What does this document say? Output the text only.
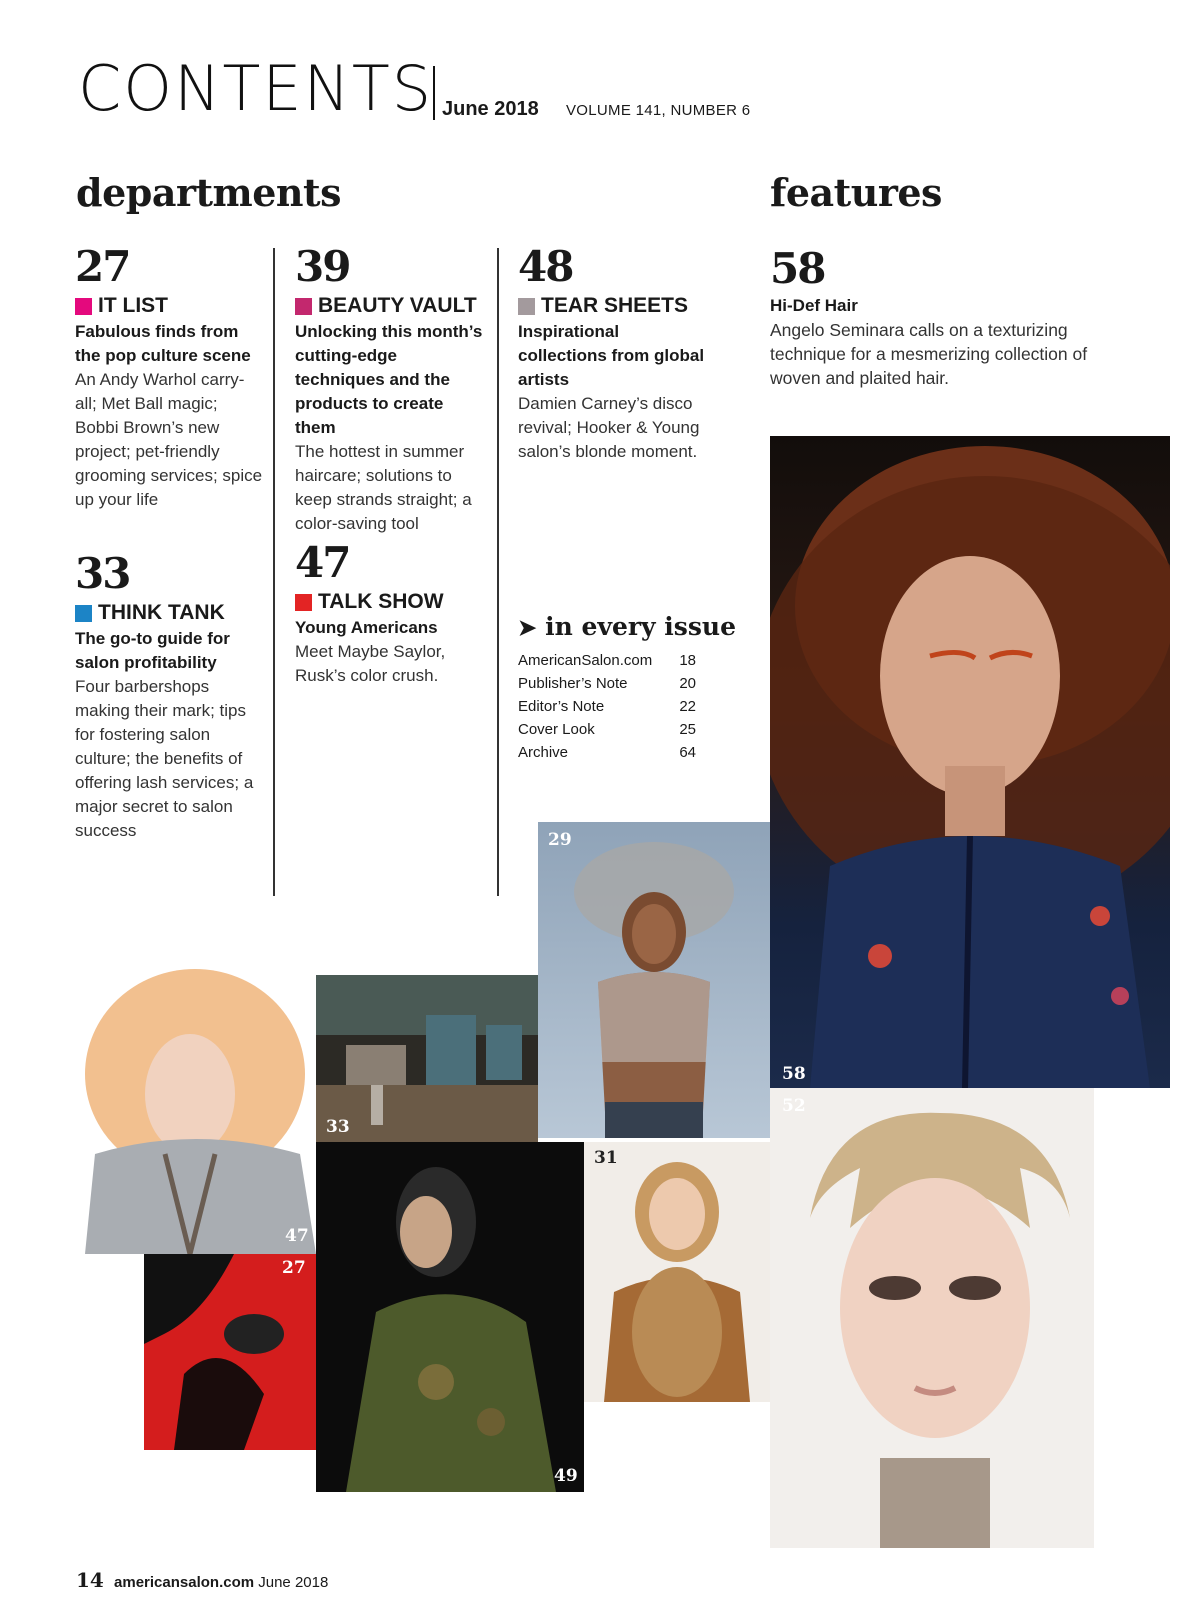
CONTENTS June 2018 VOLUME 141, NUMBER 6
departments	features
27
IT LIST
Fabulous finds from the pop culture scene
An Andy Warhol carry-all; Met Ball magic; Bobbi Brown’s new project; pet-friendly grooming services; spice up your life
33
THINK TANK
The go-to guide for salon profitability
Four barbershops making their mark; tips for fostering salon culture; the benefits of offering lash services; a major secret to salon success
39
BEAUTY VAULT
Unlocking this month’s cutting-edge techniques and the products to create them
The hottest in summer haircare; solutions to keep strands straight; a color-saving tool
47
TALK SHOW
Young Americans
Meet Maybe Saylor, Rusk’s color crush.
48
TEAR SHEETS
Inspirational collections from global artists
Damien Carney’s disco revival; Hooker & Young salon’s blonde moment.
➤ in every issue
AmericanSalon.com 18
Publisher’s Note	20
Editor’s Note	22
Cover Look	25
Archive	64
58
Hi-Def Hair
Angelo Seminara calls on a texturizing technique for a mesmerizing collection of woven and plaited hair.
58
52
29
33
31
47
27
49
14 americansalon.com June 2018
